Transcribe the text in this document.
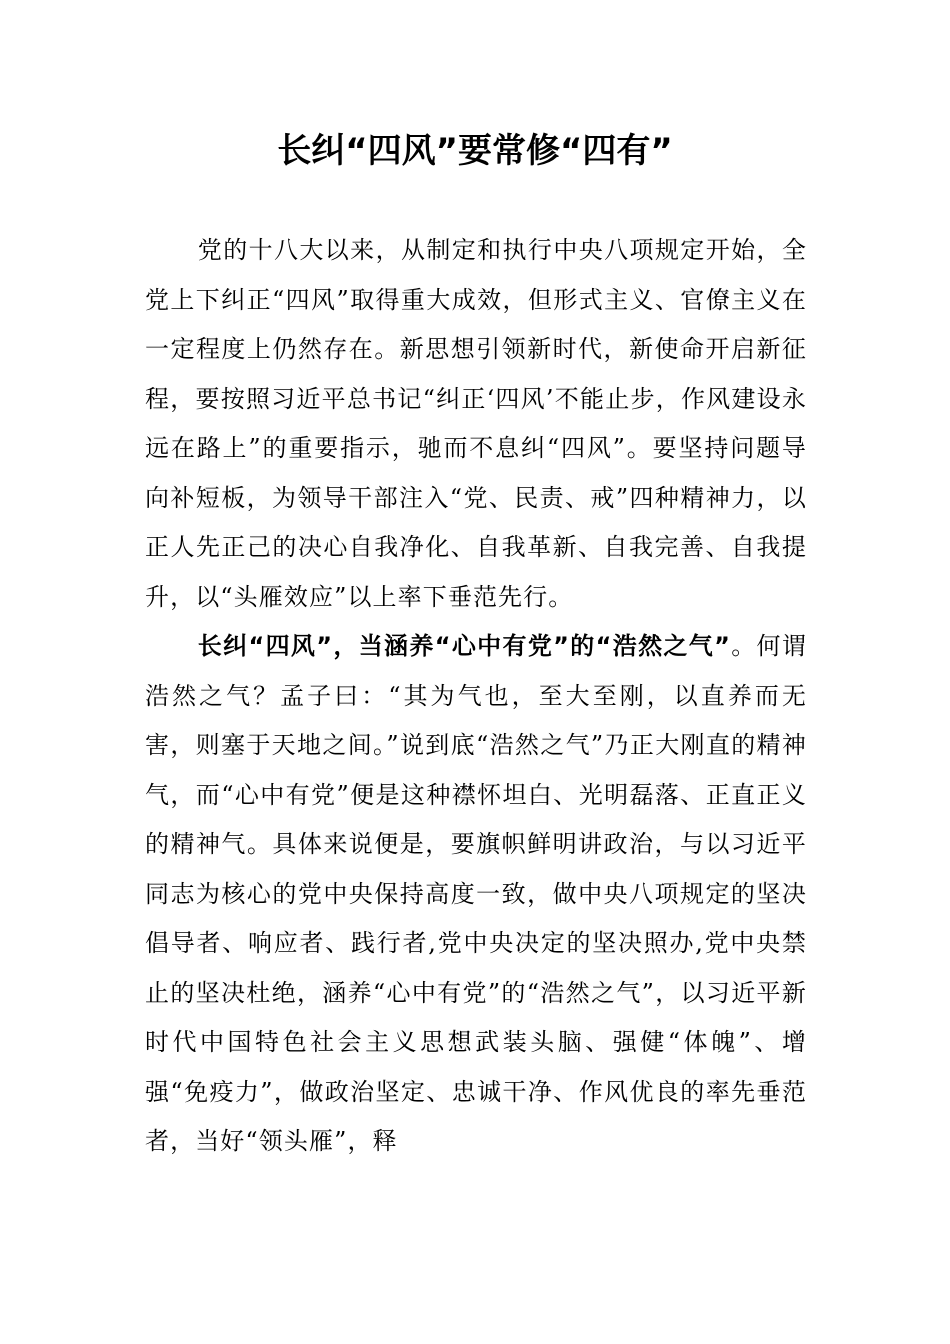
长纠“四风”要常修“四有”

党的十八大以来，从制定和执行中央八项规定开始，全党上下纠正“四风”取得重大成效，但形式主义、官僚主义在一定程度上仍然存在。新思想引领新时代，新使命开启新征程，要按照习近平总书记“纠正‘四风’不能止步，作风建设永远在路上”的重要指示，驰而不息纠“四风”。要坚持问题导向补短板，为领导干部注入“党、民责、戒”四种精神力，以正人先正己的决心自我净化、自我革新、自我完善、自我提升，以“头雁效应”以上率下垂范先行。

长纠“四风”，当涵养“心中有党”的“浩然之气”。何谓浩然之气？孟子曰：“其为气也，至大至刚，以直养而无害，则塞于天地之间。”说到底“浩然之气”乃正大刚直的精神气，而“心中有党”便是这种襟怀坦白、光明磊落、正直正义的精神气。具体来说便是，要旗帜鲜明讲政治，与以习近平同志为核心的党中央保持高度一致，做中央八项规定的坚决倡导者、响应者、践行者,党中央决定的坚决照办,党中央禁止的坚决杜绝，涵养“心中有党”的“浩然之气”，以习近平新时代中国特色社会主义思想武装头脑、强健“体魄”、增强“免疫力”，做政治坚定、忠诚干净、作风优良的率先垂范者，当好“领头雁”，释
